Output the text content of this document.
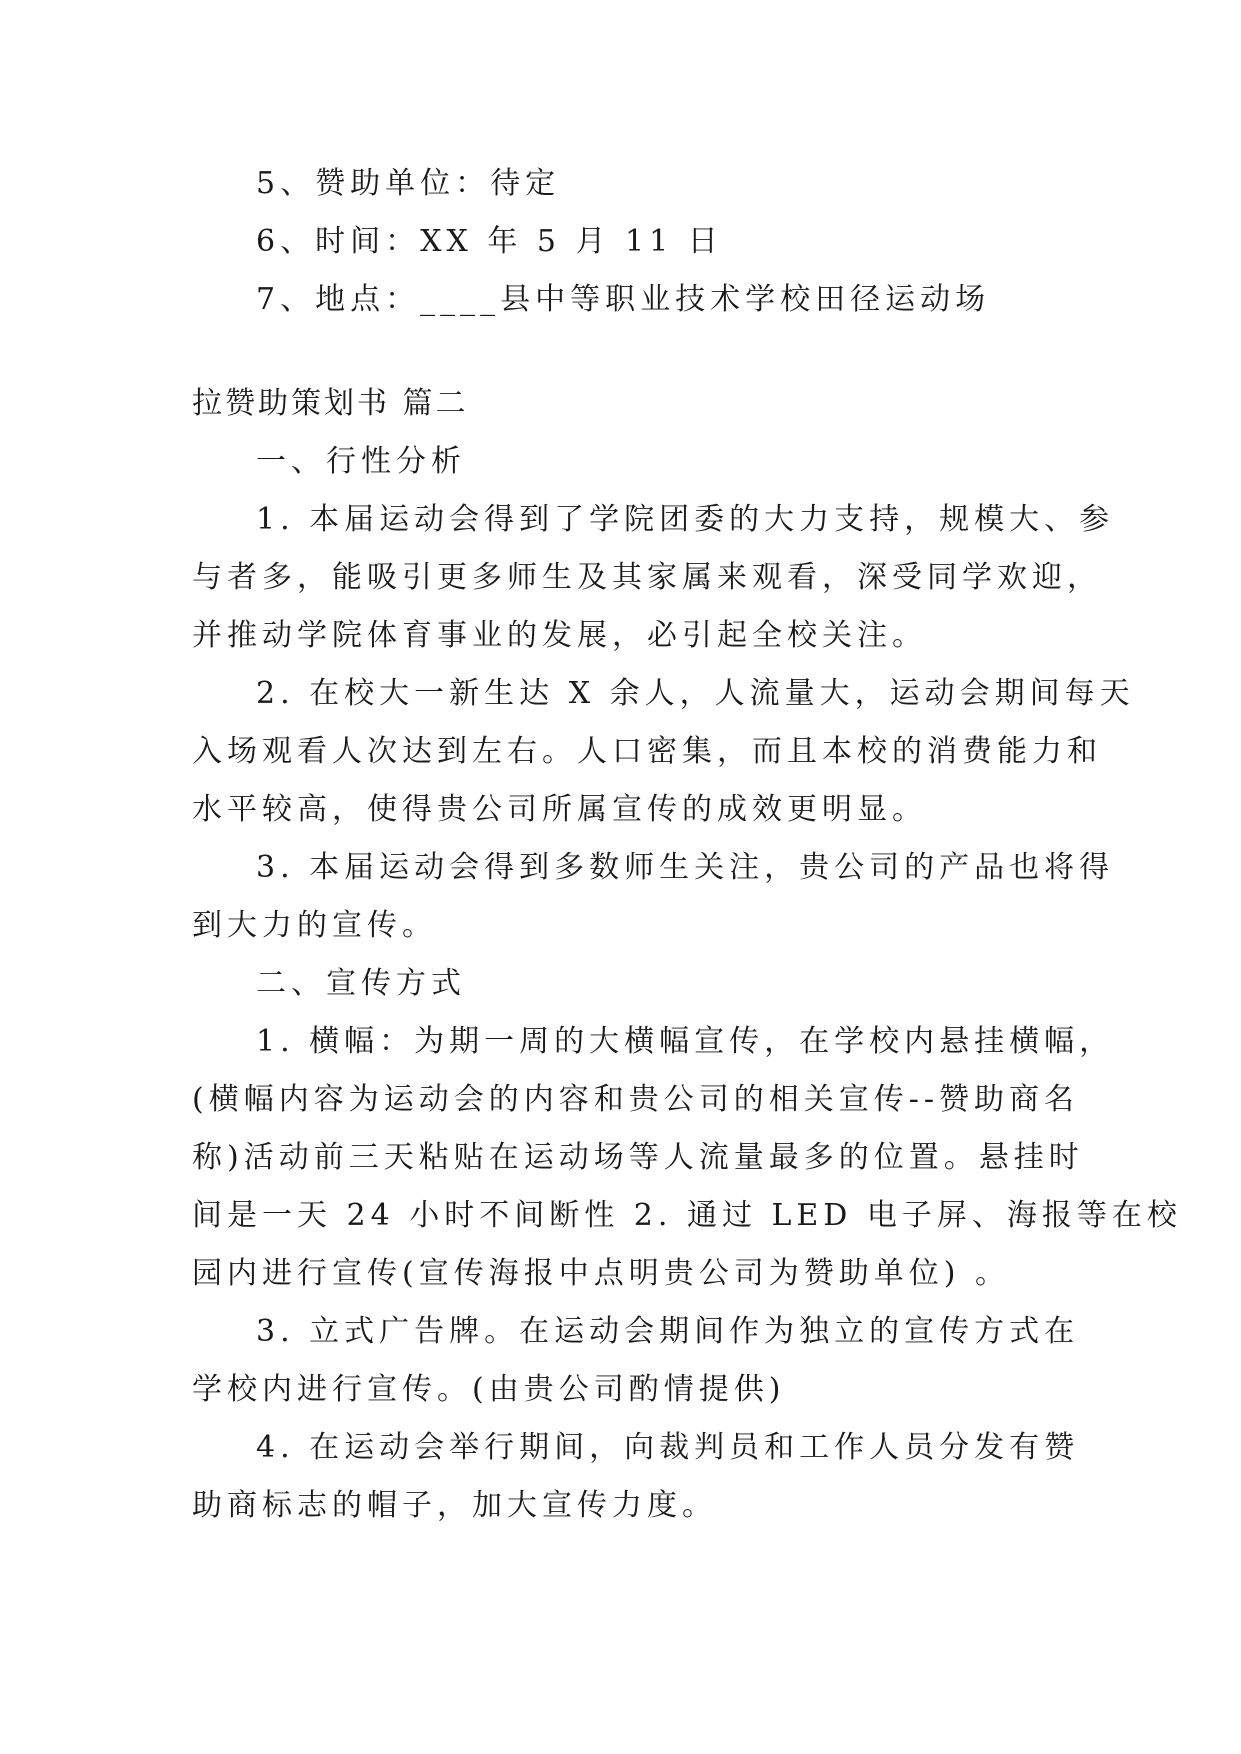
5、赞助单位：待定
6、时间：XX 年 5 月 11 日
7、地点：____县中等职业技术学校田径运动场
拉赞助策划书 篇二
一、行性分析
1. 本届运动会得到了学院团委的大力支持，规模大、参
与者多，能吸引更多师生及其家属来观看，深受同学欢迎，
并推动学院体育事业的发展，必引起全校关注。
2. 在校大一新生达 X 余人，人流量大，运动会期间每天
入场观看人次达到左右。人口密集，而且本校的消费能力和
水平较高，使得贵公司所属宣传的成效更明显。
3. 本届运动会得到多数师生关注，贵公司的产品也将得
到大力的宣传。
二、宣传方式
1. 横幅：为期一周的大横幅宣传，在学校内悬挂横幅，
(横幅内容为运动会的内容和贵公司的相关宣传--赞助商名
称)活动前三天粘贴在运动场等人流量最多的位置。悬挂时
间是一天 24 小时不间断性 2. 通过 LED 电子屏、海报等在校
园内进行宣传(宣传海报中点明贵公司为赞助单位) 。
3. 立式广告牌。在运动会期间作为独立的宣传方式在
学校内进行宣传。(由贵公司酌情提供)
4. 在运动会举行期间，向裁判员和工作人员分发有赞
助商标志的帽子，加大宣传力度。
